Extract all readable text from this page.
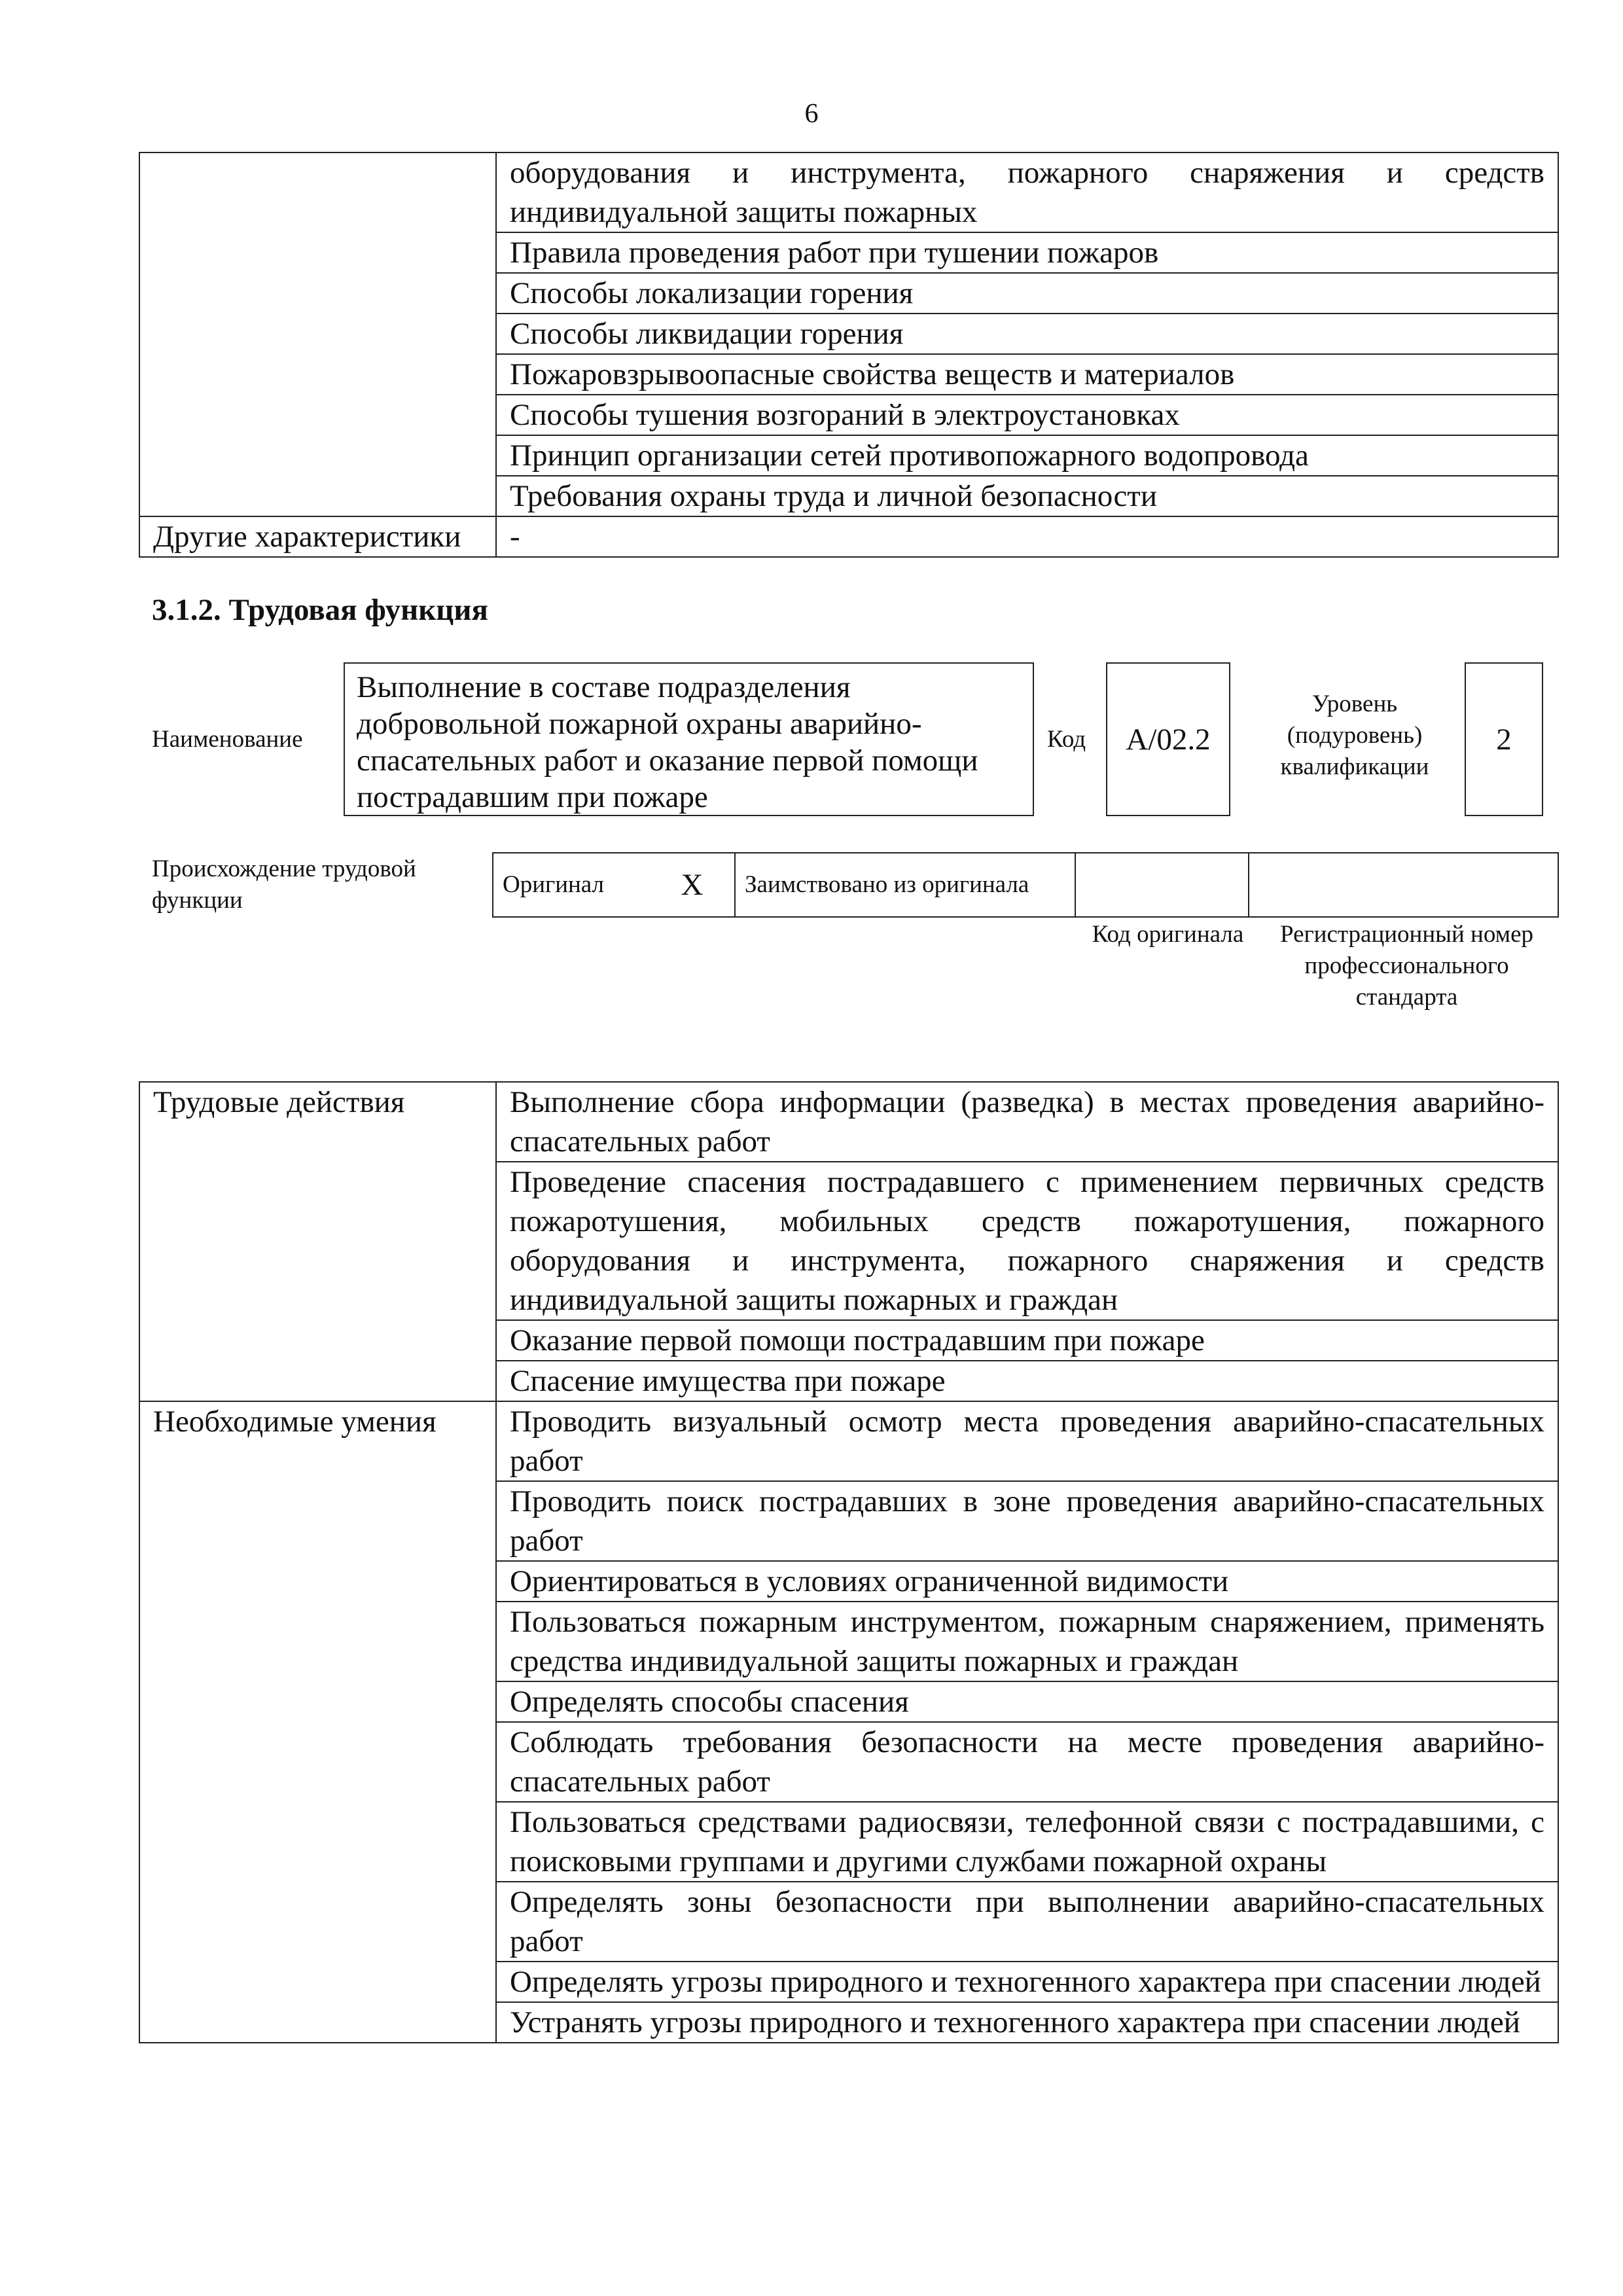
6
	оборудования и инструмента, пожарного снаряжения и средств индивидуальной защиты пожарных
	Правила проведения работ при тушении пожаров
	Способы локализации горения
	Способы ликвидации горения
	Пожаровзрывоопасные свойства веществ и материалов
	Способы тушения возгораний в электроустановках
	Принцип организации сетей противопожарного водопровода
	Требования охраны труда и личной безопасности
Другие характеристики	-
3.1.2. Трудовая функция
Наименование
Выполнение в составе подразделения добровольной пожарной охраны аварийно-спасательных работ и оказание первой помощи пострадавшим при пожаре
Код	А/02.2
Уровень
(подуровень)
квалификации
2
Происхождение трудовой функции
Оригинал	X	Заимствовано из оригинала		
Код оригинала	Регистрационный номер профессионального стандарта
Трудовые действия	Выполнение сбора информации (разведка) в местах проведения аварийно-спасательных работ
	Проведение спасения пострадавшего с применением первичных средств пожаротушения, мобильных средств пожаротушения, пожарного оборудования и инструмента, пожарного снаряжения и средств индивидуальной защиты пожарных и граждан
	Оказание первой помощи пострадавшим при пожаре
	Спасение имущества при пожаре
Необходимые умения	Проводить визуальный осмотр места проведения аварийно-спасательных работ
	Проводить поиск пострадавших в зоне проведения аварийно-спасательных работ
	Ориентироваться в условиях ограниченной видимости
	Пользоваться пожарным инструментом, пожарным снаряжением, применять средства индивидуальной защиты пожарных и граждан
	Определять способы спасения
	Соблюдать требования безопасности на месте проведения аварийно-спасательных работ
	Пользоваться средствами радиосвязи, телефонной связи с пострадавшими, с поисковыми группами и другими службами пожарной охраны
	Определять зоны безопасности при выполнении аварийно-спасательных работ
	Определять угрозы природного и техногенного характера при спасении людей
	Устранять угрозы природного и техногенного характера при спасении людей
